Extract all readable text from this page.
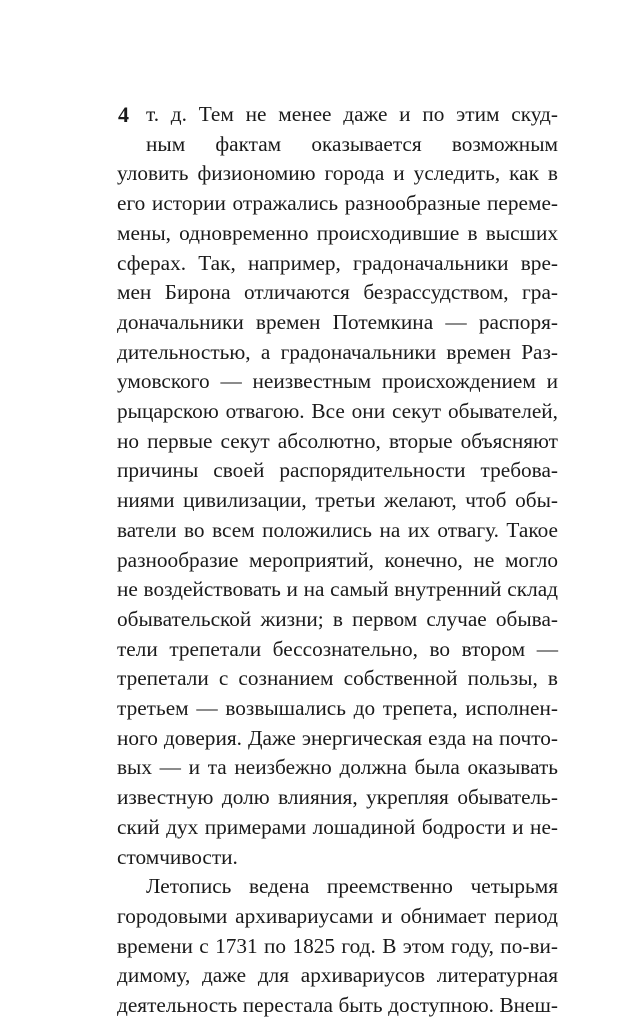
4 т. д. Тем не менее даже и по этим скуд-
ным фактам оказывается возможным
уловить физиономию города и уследить, как в
его истории отражались разнообразные переме-
мены, одновременно происходившие в высших
сферах. Так, например, градоначальники вре-
мен Бирона отличаются безрассудством, гра-
доначальники времен Потемкина — распоря-
дительностью, а градоначальники времен Раз-
умовского — неизвестным происхождением и
рыцарскою отвагою. Все они секут обывателей,
но первые секут абсолютно, вторые объясняют
причины своей распорядительности требова-
ниями цивилизации, третьи желают, чтоб обы-
ватели во всем положились на их отвагу. Такое
разнообразие мероприятий, конечно, не могло
не воздействовать и на самый внутренний склад
обывательской жизни; в первом случае обыва-
тели трепетали бессознательно, во втором —
трепетали с сознанием собственной пользы, в
третьем — возвышались до трепета, исполнен-
ного доверия. Даже энергическая езда на почто-
вых — и та неизбежно должна была оказывать
известную долю влияния, укрепляя обыватель-
ский дух примерами лошадиной бодрости и не-
стомчивости.
Летопись ведена преемственно четырьмя
городовыми архивариусами и обнимает период
времени с 1731 по 1825 год. В этом году, по-ви-
димому, даже для архивариусов литературная
деятельность перестала быть доступною. Внеш-
